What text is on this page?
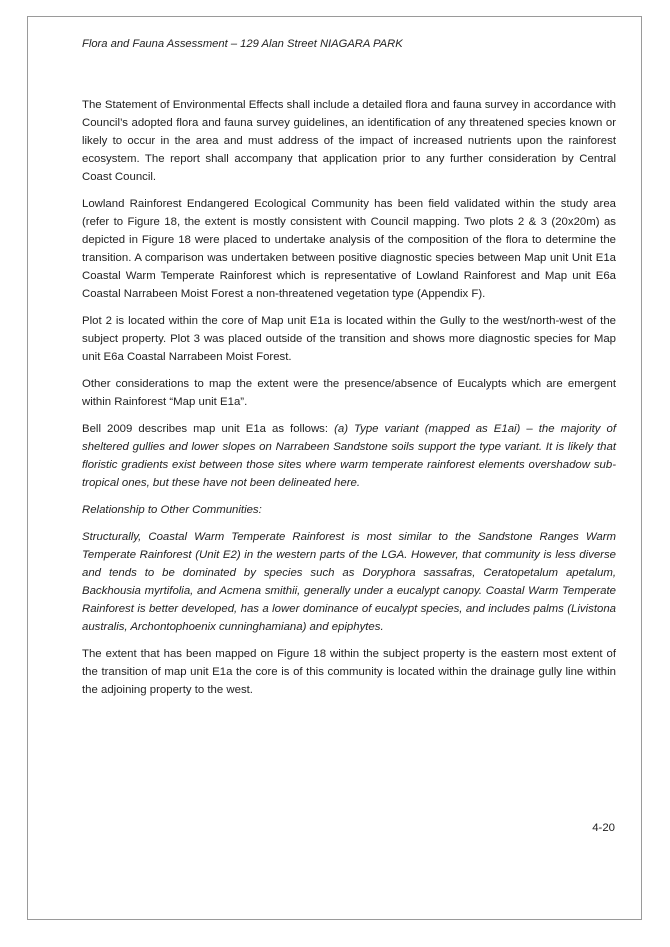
Flora and Fauna Assessment – 129 Alan Street NIAGARA PARK

The Statement of Environmental Effects shall include a detailed flora and fauna survey in accordance with Council’s adopted flora and fauna survey guidelines, an identification of any threatened species known or likely to occur in the area and must address of the impact of increased nutrients upon the rainforest ecosystem. The report shall accompany that application prior to any further consideration by Central Coast Council.

Lowland Rainforest Endangered Ecological Community has been field validated within the study area (refer to Figure 18, the extent is mostly consistent with Council mapping. Two plots 2 & 3 (20x20m) as depicted in Figure 18 were placed to undertake analysis of the composition of the flora to determine the transition. A comparison was undertaken between positive diagnostic species between Map unit Unit E1a Coastal Warm Temperate Rainforest which is representative of Lowland Rainforest and Map unit E6a Coastal Narrabeen Moist Forest a non-threatened vegetation type (Appendix F).

Plot 2 is located within the core of Map unit E1a is located within the Gully to the west/north-west of the subject property. Plot 3 was placed outside of the transition and shows more diagnostic species for Map unit E6a Coastal Narrabeen Moist Forest.

Other considerations to map the extent were the presence/absence of Eucalypts which are emergent within Rainforest “Map unit E1a”.

Bell 2009 describes map unit E1a as follows: (a) Type variant (mapped as E1ai) – the majority of sheltered gullies and lower slopes on Narrabeen Sandstone soils support the type variant. It is likely that floristic gradients exist between those sites where warm temperate rainforest elements overshadow sub-tropical ones, but these have not been delineated here.

Relationship to Other Communities:

Structurally, Coastal Warm Temperate Rainforest is most similar to the Sandstone Ranges Warm Temperate Rainforest (Unit E2) in the western parts of the LGA. However, that community is less diverse and tends to be dominated by species such as Doryphora sassafras, Ceratopetalum apetalum, Backhousia myrtifolia, and Acmena smithii, generally under a eucalypt canopy. Coastal Warm Temperate Rainforest is better developed, has a lower dominance of eucalypt species, and includes palms (Livistona australis, Archontophoenix cunninghamiana) and epiphytes.

The extent that has been mapped on Figure 18 within the subject property is the eastern most extent of the transition of map unit E1a the core is of this community is located within the drainage gully line within the adjoining property to the west.

4-20
